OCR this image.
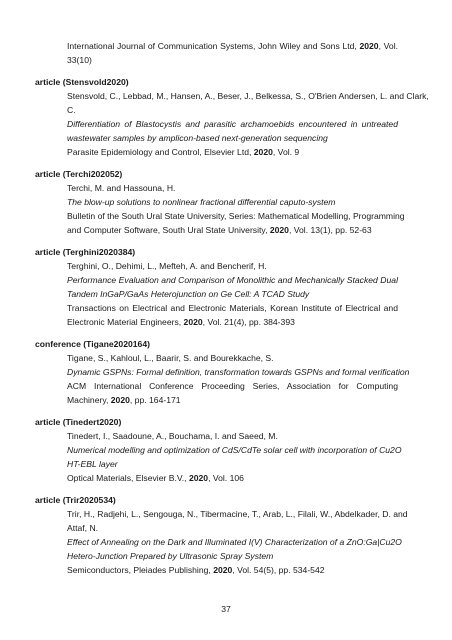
International Journal of Communication Systems, John Wiley and Sons Ltd, 2020, Vol.

33(10)

article (Stensvold2020)

Stensvold, C., Lebbad, M., Hansen, A., Beser, J., Belkessa, S., O'Brien Andersen, L. and Clark,

C.

Differentiation of Blastocystis and parasitic archamoebids encountered in untreated

wastewater samples by amplicon-based next-generation sequencing

Parasite Epidemiology and Control, Elsevier Ltd, 2020, Vol. 9

article (Terchi202052)

Terchi, M. and Hassouna, H.

The blow-up solutions to nonlinear fractional differential caputo-system

Bulletin of the South Ural State University, Series: Mathematical Modelling, Programming

and Computer Software, South Ural State University, 2020, Vol. 13(1), pp. 52-63

article (Terghini2020384)

Terghini, O., Dehimi, L., Mefteh, A. and Bencherif, H.

Performance Evaluation and Comparison of Monolithic and Mechanically Stacked Dual

Tandem InGaP/GaAs Heterojunction on Ge Cell: A TCAD Study

Transactions on Electrical and Electronic Materials, Korean Institute of Electrical and

Electronic Material Engineers, 2020, Vol. 21(4), pp. 384-393

conference (Tigane2020164)

Tigane, S., Kahloul, L., Baarir, S. and Bourekkache, S.

Dynamic GSPNs: Formal definition, transformation towards GSPNs and formal verification

ACM International Conference Proceeding Series, Association for Computing

Machinery, 2020, pp. 164-171

article (Tinedert2020)

Tinedert, I., Saadoune, A., Bouchama, I. and Saeed, M.

Numerical modelling and optimization of CdS/CdTe solar cell with incorporation of Cu2O

HT-EBL layer

Optical Materials, Elsevier B.V., 2020, Vol. 106

article (Trir2020534)

Trir, H., Radjehi, L., Sengouga, N., Tibermacine, T., Arab, L., Filali, W., Abdelkader, D. and

Attaf, N.

Effect of Annealing on the Dark and Illuminated I(V) Characterization of a ZnO:Ga|Cu2O

Hetero-Junction Prepared by Ultrasonic Spray System

Semiconductors, Pleiades Publishing, 2020, Vol. 54(5), pp. 534-542

37
